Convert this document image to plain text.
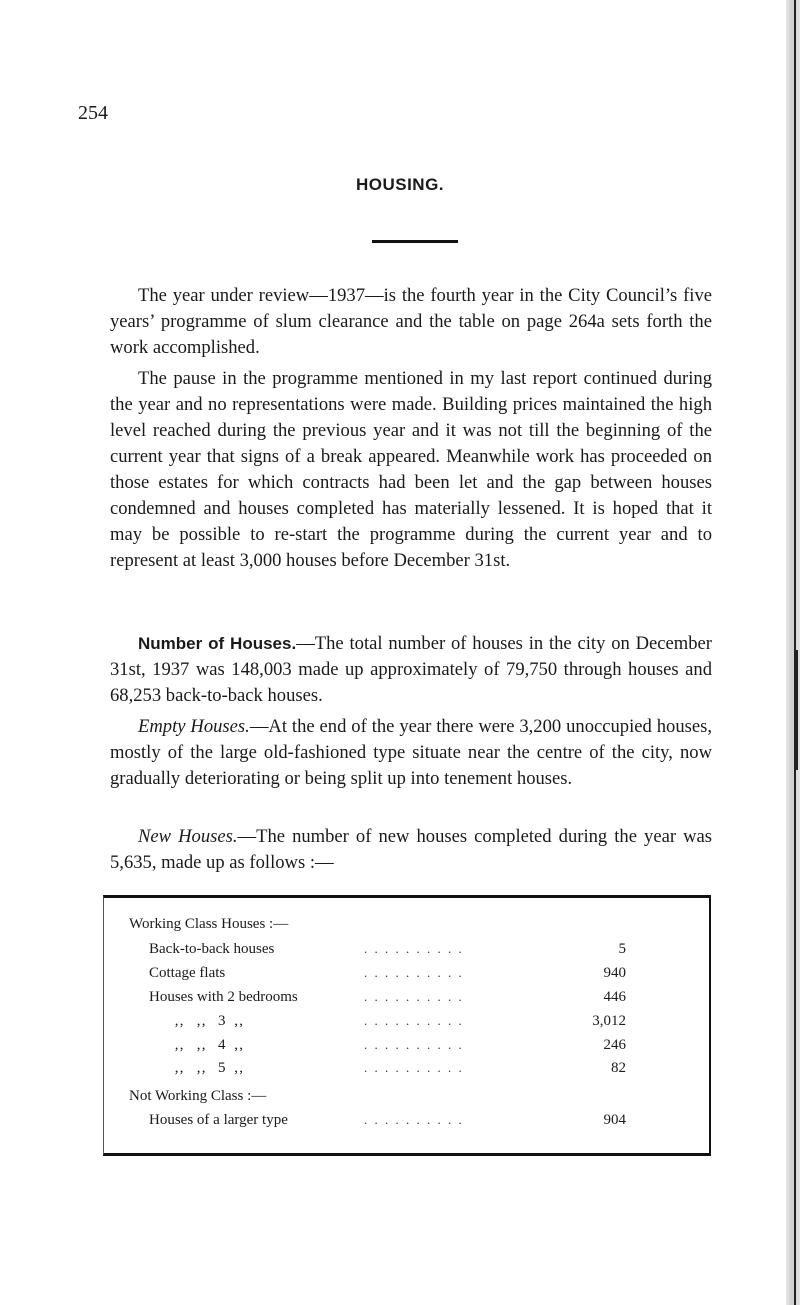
254
HOUSING.

The year under review—1937—is the fourth year in the City Council’s five years’ programme of slum clearance and the table on page 264a sets forth the work accomplished.

The pause in the programme mentioned in my last report continued during the year and no representations were made. Building prices maintained the high level reached during the previous year and it was not till the beginning of the current year that signs of a break appeared. Meanwhile work has proceeded on those estates for which contracts had been let and the gap between houses condemned and houses completed has materially lessened. It is hoped that it may be possible to re-start the programme during the current year and to represent at least 3,000 houses before December 31st.

Number of Houses.—The total number of houses in the city on December 31st, 1937 was 148,003 made up approximately of 79,750 through houses and 68,253 back-to-back houses.

Empty Houses.—At the end of the year there were 3,200 unoccupied houses, mostly of the large old-fashioned type situate near the centre of the city, now gradually deteriorating or being split up into tenement houses.

New Houses.—The number of new houses completed during the year was 5,635, made up as follows :—

Working Class Houses :—
Back-to-back houses	. . . . . . . . . .	5
Cottage flats	. . . . . . . . . .	940
Houses with 2 bedrooms	. . . . . . . . . .	446
‚‚ ‚‚ 3 ‚‚	. . . . . . . . . .	3,012
‚‚ ‚‚ 4 ‚‚	. . . . . . . . . .	246
‚‚ ‚‚ 5 ‚‚	. . . . . . . . . .	82
Not Working Class :—
Houses of a larger type	. . . . . . . . . .	904
